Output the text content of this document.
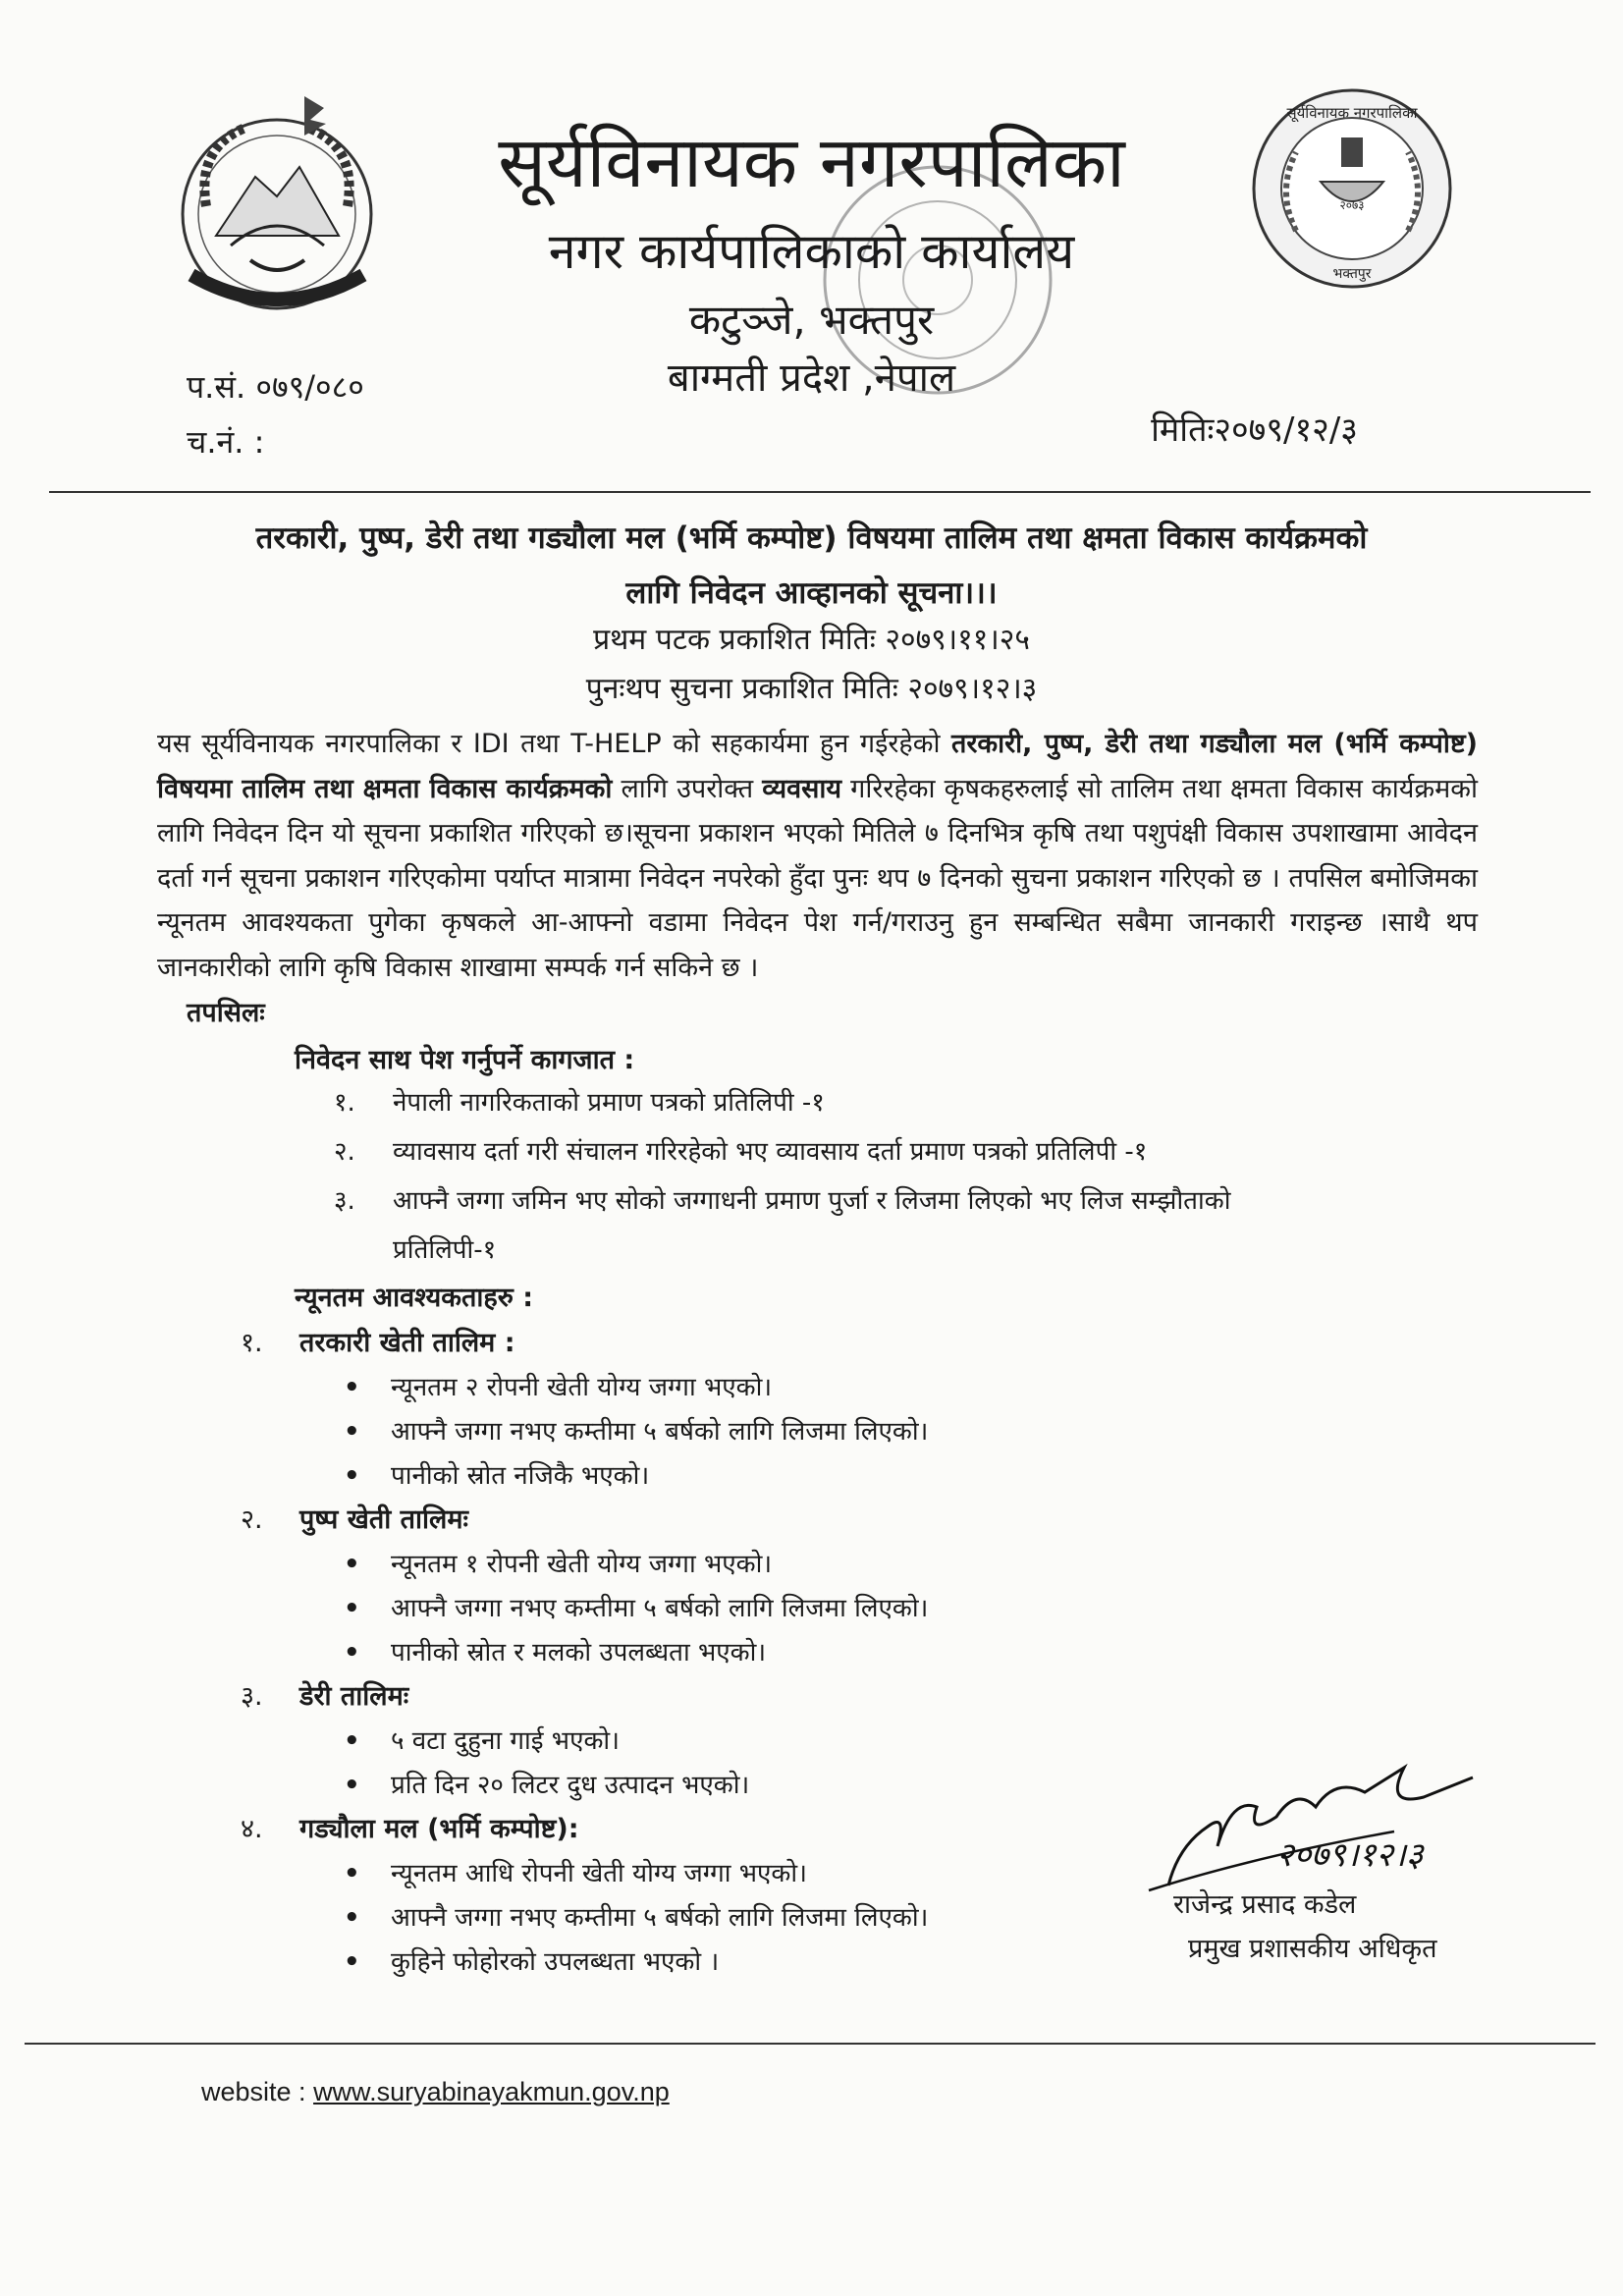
२०७३
सूर्यविनायक नगरपालिका
भक्तपुर
सूर्यविनायक नगरपालिका
नगर कार्यपालिकाको कार्यालय
कटुञ्जे, भक्तपुर
बाग्मती प्रदेश ,नेपाल
प.सं. ०७९/०८०
च.नं. :	मितिः२०७९/१२/३
तरकारी, पुष्प, डेरी तथा गड्यौला मल (भर्मि कम्पोष्ट) विषयमा तालिम तथा क्षमता विकास कार्यक्रमको
लागि निवेदन आव्हानको सूचना।।।
प्रथम पटक प्रकाशित मितिः २०७९।११।२५
पुनःथप सुचना प्रकाशित मितिः २०७९।१२।३
यस सूर्यविनायक नगरपालिका र IDI तथा T-HELP को सहकार्यमा हुन गईरहेको तरकारी, पुष्प, डेरी तथा गड्यौला मल (भर्मि कम्पोष्ट) विषयमा तालिम तथा क्षमता विकास कार्यक्रमको लागि उपरोक्त व्यवसाय गरिरहेका कृषकहरुलाई सो तालिम तथा क्षमता विकास कार्यक्रमको लागि निवेदन दिन यो सूचना प्रकाशित गरिएको छ।सूचना प्रकाशन भएको मितिले ७ दिनभित्र कृषि तथा पशुपंक्षी विकास उपशाखामा आवेदन दर्ता गर्न सूचना प्रकाशन गरिएकोमा पर्याप्त मात्रामा निवेदन नपरेको हुँदा पुनः थप ७ दिनको सुचना प्रकाशन गरिएको छ । तपसिल बमोजिमका न्यूनतम आवश्यकता पुगेका कृषकले आ-आफ्नो वडामा निवेदन पेश गर्न/गराउनु हुन सम्बन्धित सबैमा जानकारी गराइन्छ ।साथै थप जानकारीको लागि कृषि विकास शाखामा सम्पर्क गर्न सकिने छ ।
तपसिलः
निवेदन साथ पेश गर्नुपर्ने कागजात :
१. नेपाली नागरिकताको प्रमाण पत्रको प्रतिलिपी -१
२. व्यावसाय दर्ता गरी संचालन गरिरहेको भए व्यावसाय दर्ता प्रमाण पत्रको प्रतिलिपी -१
३. आफ्नै जग्गा जमिन भए सोको जग्गाधनी प्रमाण पुर्जा र लिजमा लिएको भए लिज सम्झौताको
प्रतिलिपी-१
न्यूनतम आवश्यकताहरु :
१. तरकारी खेती तालिम :
• न्यूनतम २ रोपनी खेती योग्य जग्गा भएको।
• आफ्नै जग्गा नभए कम्तीमा ५ बर्षको लागि लिजमा लिएको।
• पानीको स्रोत नजिकै भएको।
२. पुष्प खेती तालिमः
• न्यूनतम १ रोपनी खेती योग्य जग्गा भएको।
• आफ्नै जग्गा नभए कम्तीमा ५ बर्षको लागि लिजमा लिएको।
• पानीको स्रोत र मलको उपलब्धता भएको।
३. डेरी तालिमः
• ५ वटा दुहुना गाई भएको।
• प्रति दिन २० लिटर दुध उत्पादन भएको।
४. गड्यौला मल (भर्मि कम्पोष्ट):
• न्यूनतम आधि रोपनी खेती योग्य जग्गा भएको।
• आफ्नै जग्गा नभए कम्तीमा ५ बर्षको लागि लिजमा लिएको।
• कुहिने फोहोरको उपलब्धता भएको ।
२०७९।१२।३
राजेन्द्र प्रसाद कडेल
प्रमुख प्रशासकीय अधिकृत
website : www.suryabinayakmun.gov.np
